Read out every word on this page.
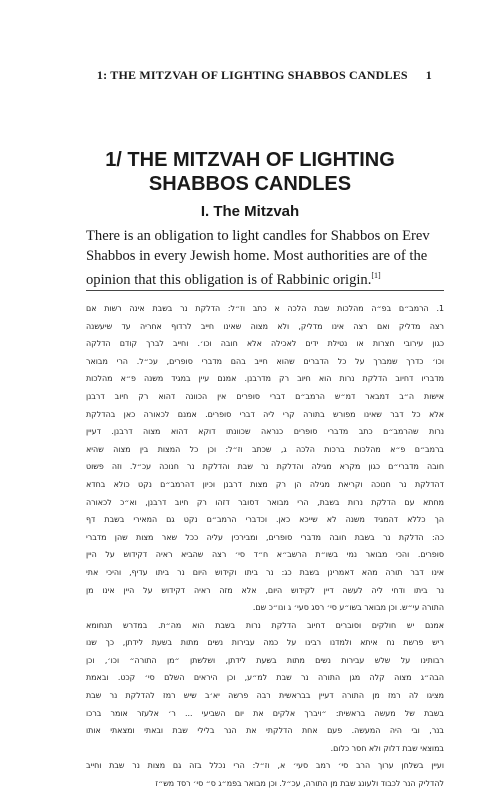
1: THE MITZVAH OF LIGHTING SHABBOS CANDLES 1
1/ THE MITZVAH OF LIGHTING
SHABBOS CANDLES
I. The Mitzvah
There is an obligation to light candles for Shabbos on Erev
Shabbos in every Jewish home. Most authorities are of the
opinion that this obligation is of Rabbinic origin.[1]
1. הרמב״ם בפ״ה מהלכות שבת הלכה א כתב וז״ל: הדלקת נר בשבת אינה רשות אם
רצה מדליק ואם רצה אינו מדליק, ולא מצוה שאינו חייב לרדוף אחריה עד שיעשנה
כגון עירובי חצרות או נטילת ידים לאכילה אלא חובה וכו׳. וחייב לברך קודם הדלקה
וכו׳ כדרך שמברך על כל הדברים שהוא חייב בהם מדברי סופרים, עכ״ל. הרי מבואר
מדבריו דחיוב הדלקת נרות הוא חיוב רק מדרבנן. אמנם עיין במגיד משנה פ״א מהלכות
אישות ה״ב דמבאר דמ״ש הרמב״ם דברי סופרים אין הכוונה דהוא רק חיוב דרבנן
אלא כל דבר שאינו מפורש בתורה קרי ליה דברי סופרים. אמנם לכאורה כאן בהדלקת
נרות שהרמב״ם כתב מדברי סופרים כנראה שכוונתו דוקא דהוא מצוה דרבנן. דעיין
ברמב״ם פ״א מהלכות ברכות הלכה ג, שכתב וז״ל: וכן כל המצות בין מצוה שהיא
חובה מדברי״ם כגון מקרא מגילה והדלקת נר שבת והדלקת נר חנוכה עכ״ל. וזה פשוט
דהדלקת נר חנוכה וקריאת מגילה הן רק מצות דרבנן וכיון דהרמב״ם נקט כולא בחדא
מחתא עם הדלקת נרות בשבת, הרי מבואר דסובר דזהו רק חיוב דרבנן, וא״כ לכאורה
הך כללא דהמגיד משנה לא שייכא כאן. וכדברי הרמב״ם נקט גם המאירי בשבת דף
כה: הדלקת נר בשבת חובה מדברי סופרים, ומבירכין עליה ככל שאר מצות שהן מדברי
סופרים. והכי מבואר נמי בשו״ת הרשב״א ח״ד סי׳ רצה שהביא ראיה דקידוש על היין
אינו דבר תורה מהא דאמרינן בשבת כג: נר ביתו וקידוש היום נר ביתו עדיף, והיכי אתי
נר ביתו ודחי ליה לעשה דיין לקידוש היום, אלא מזה ראיה דקידוש על היין אינו מן
התורה עי״ש. וכן מבואר בשו״ע סי׳ רסג סעי׳ ג ונו״כ שם.
אמנם יש חולקים וסוברים דחיוב הדלקת נרות בשבת הוא מה״ת. במדרש תנחומא
ריש פרשת נח איתא ולמדנו רבינו על כמה עבירות נשים מתות בשעת לידתן, כך שנו
רבותינו על שלש עבירות נשים מתות בשעת לידתן, ושלשתן ״מן התורה״ וכו׳, וכן
הבה״ג מצוה קלה מגן התורה נר שבת למ״ע, וכן היראים השלם סי׳ קכט. ובאמת
מציגו לה רמז מן התורה דעיין בבראשית רבה פרשה יא׳ב שיש רמז להדלקת נר שבת
בשבת של מעשה בראשית: ״ויברך אלקים את יום השביעי ... ר׳ אלעזר אומר ברכו
בנר, ובי היה המעשה. פעם אחת הדלקתי את הנר בלילי שבת ובאתי ומצאתי אותו
במוצאי שבת דלוק ולא חסר כלום.
ועיין בשלחן ערוך הרב סי׳ רמב סעי׳ א, וז״ל: הרי נכלל בזה גם מצות נר שבת וחייב
להדליק הנר לכבוד ולעונג שבת מן התורה, עכ״ל. וכן מבואר בפמ״ג ס״ סי׳ רסד מש״ז
